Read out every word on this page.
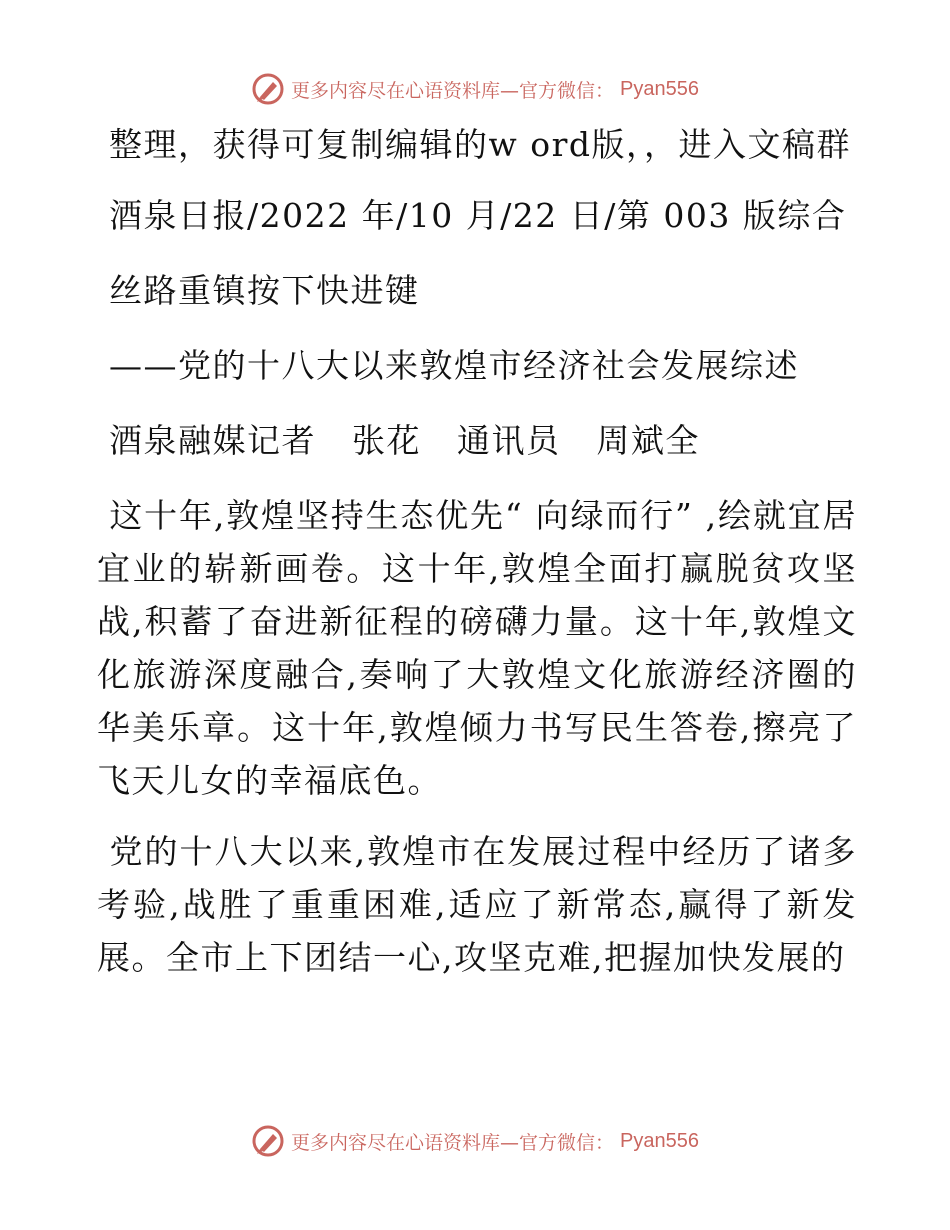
更多内容尽在心语资料库—官方微信： Pyan556

整理，获得可复制编辑的w ord版，，进入文稿群

酒泉日报/2022 年/10 月/22 日/第 003 版综合

丝路重镇按下快进键

——党的十八大以来敦煌市经济社会发展综述

酒泉融媒记者   张花   通讯员   周斌全

这十年,敦煌坚持生态优先“ 向绿而行” ,绘就宜居宜业的崭新画卷。这十年,敦煌全面打赢脱贫攻坚战,积蓄了奋进新征程的磅礴力量。这十年,敦煌文化旅游深度融合,奏响了大敦煌文化旅游经济圈的华美乐章。这十年,敦煌倾力书写民生答卷,擦亮了飞天儿女的幸福底色。

党的十八大以来,敦煌市在发展过程中经历了诸多考验,战胜了重重困难,适应了新常态,赢得了新发展。全市上下团结一心,攻坚克难,把握加快发展的

更多内容尽在心语资料库—官方微信： Pyan556
